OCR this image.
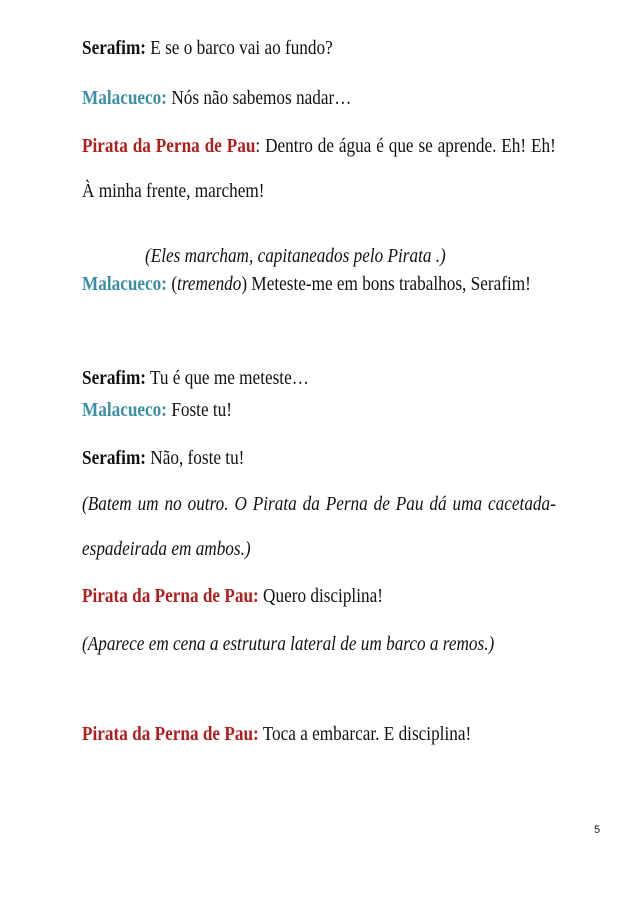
Serafim: E se o barco vai ao fundo?

Malacueco: Nós não sabemos nadar…

Pirata da Perna de Pau: Dentro de água é que se aprende. Eh! Eh! À minha frente, marchem!

(Eles marcham, capitaneados pelo Pirata .)

Malacueco: (tremendo) Meteste-me em bons trabalhos, Serafim!

Serafim: Tu é que me meteste…

Malacueco: Foste tu!

Serafim: Não, foste tu!

(Batem um no outro. O Pirata da Perna de Pau dá uma cacetada-espadeirada em ambos.)

Pirata da Perna de Pau: Quero disciplina!

(Aparece em cena a estrutura lateral de um barco a remos.)

Pirata da Perna de Pau: Toca a embarcar. E disciplina!

5
